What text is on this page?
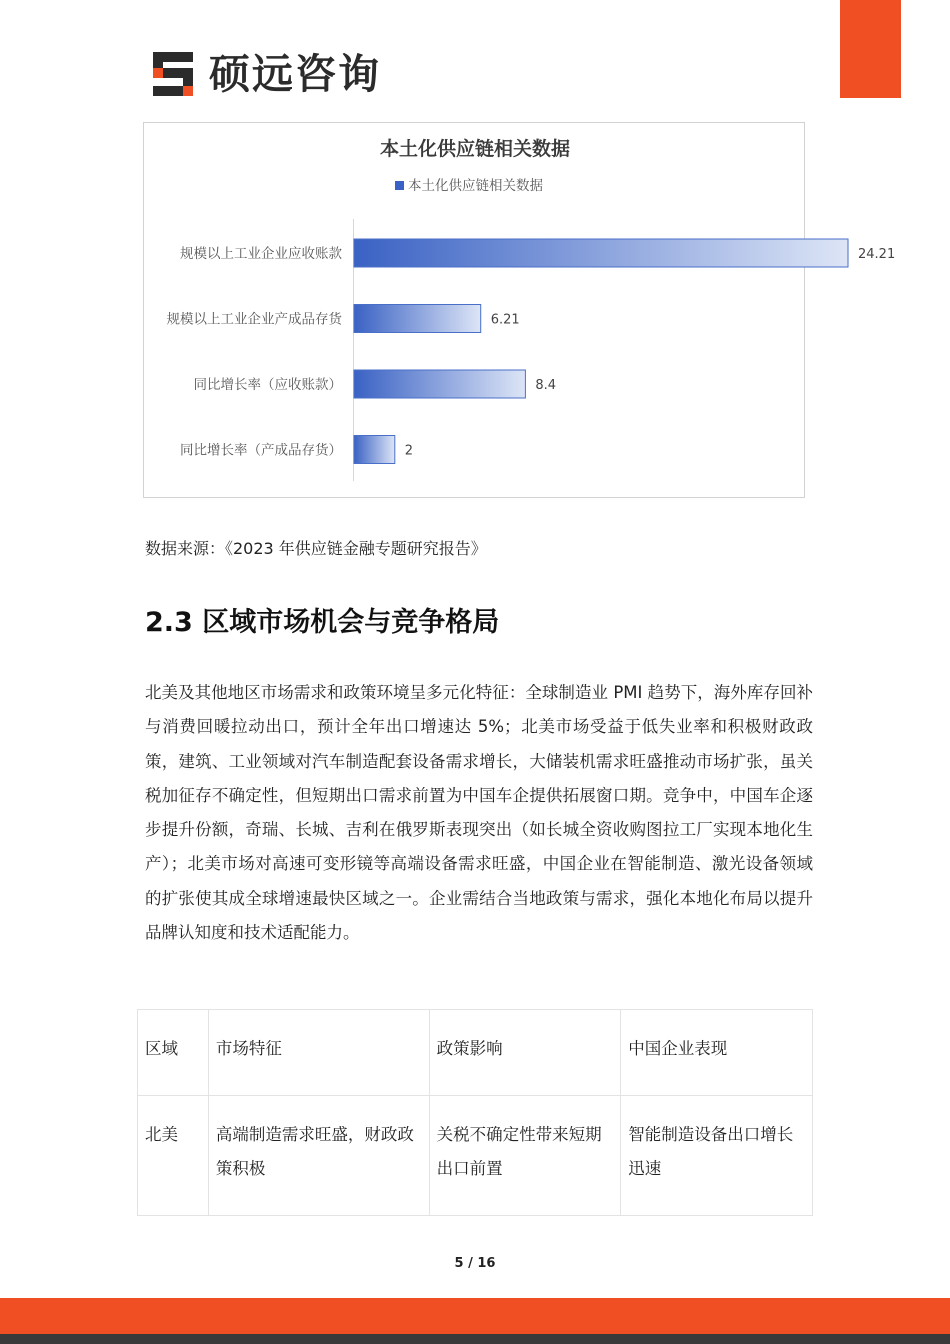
硕远咨询
本土化供应链相关数据
本土化供应链相关数据
规模以上工业企业应收账款	24.21
规模以上工业企业产成品存货	6.21
同比增长率（应收账款）	8.4
同比增长率（产成品存货）	2
数据来源：《2023 年供应链金融专题研究报告》
2.3 区域市场机会与竞争格局

北美及其他地区市场需求和政策环境呈多元化特征：全球制造业 PMI 趋势下，海外库存回补与消费回暖拉动出口，预计全年出口增速达 5%；北美市场受益于低失业率和积极财政政策，建筑、工业领域对汽车制造配套设备需求增长，大储装机需求旺盛推动市场扩张，虽关税加征存不确定性，但短期出口需求前置为中国车企提供拓展窗口期。竞争中，中国车企逐步提升份额，奇瑞、长城、吉利在俄罗斯表现突出（如长城全资收购图拉工厂实现本地化生产）；北美市场对高速可变形镜等高端设备需求旺盛，中国企业在智能制造、激光设备领域的扩张使其成全球增速最快区域之一。企业需结合当地政策与需求，强化本地化布局以提升品牌认知度和技术适配能力。

区域	市场特征	政策影响	中国企业表现
北美	高端制造需求旺盛，财政政策积极	关税不确定性带来短期出口前置	智能制造设备出口增长迅速
5 / 16
